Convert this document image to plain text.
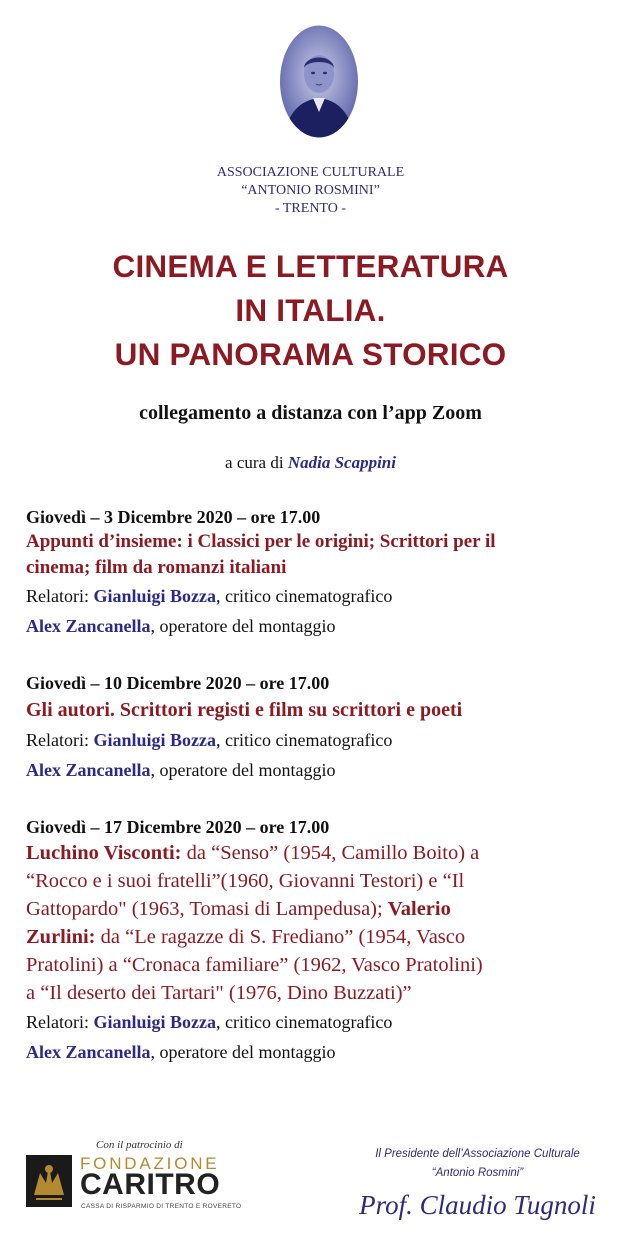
ASSOCIAZIONE CULTURALE
“ANTONIO ROSMINI”
- TRENTO -
CINEMA E LETTERATURA
IN ITALIA.
UN PANORAMA STORICO
collegamento a distanza con l’app Zoom
a cura di Nadia Scappini
Giovedì – 3 Dicembre 2020 – ore 17.00
Appunti d’insieme: i Classici per le origini; Scrittori per il
cinema; film da romanzi italiani
Relatori: Gianluigi Bozza, critico cinematografico
Alex Zancanella, operatore del montaggio
Giovedì – 10 Dicembre 2020 – ore 17.00
Gli autori. Scrittori registi e film su scrittori e poeti
Relatori: Gianluigi Bozza, critico cinematografico
Alex Zancanella, operatore del montaggio
Giovedì – 17 Dicembre 2020 – ore 17.00
Luchino Visconti: da “Senso” (1954, Camillo Boito) a
“Rocco e i suoi fratelli”(1960, Giovanni Testori) e “Il
Gattopardo" (1963, Tomasi di Lampedusa); Valerio
Zurlini: da “Le ragazze di S. Frediano” (1954, Vasco
Pratolini) a “Cronaca familiare” (1962, Vasco Pratolini)
a “Il deserto dei Tartari" (1976, Dino Buzzati)”
Relatori: Gianluigi Bozza, critico cinematografico
Alex Zancanella, operatore del montaggio
Con il patrocinio di
FONDAZIONE
CARITRO
CASSA DI RISPARMIO DI TRENTO E ROVERETO
Il Presidente dell’Associazione Culturale
“Antonio Rosmini”
Prof. Claudio Tugnoli
